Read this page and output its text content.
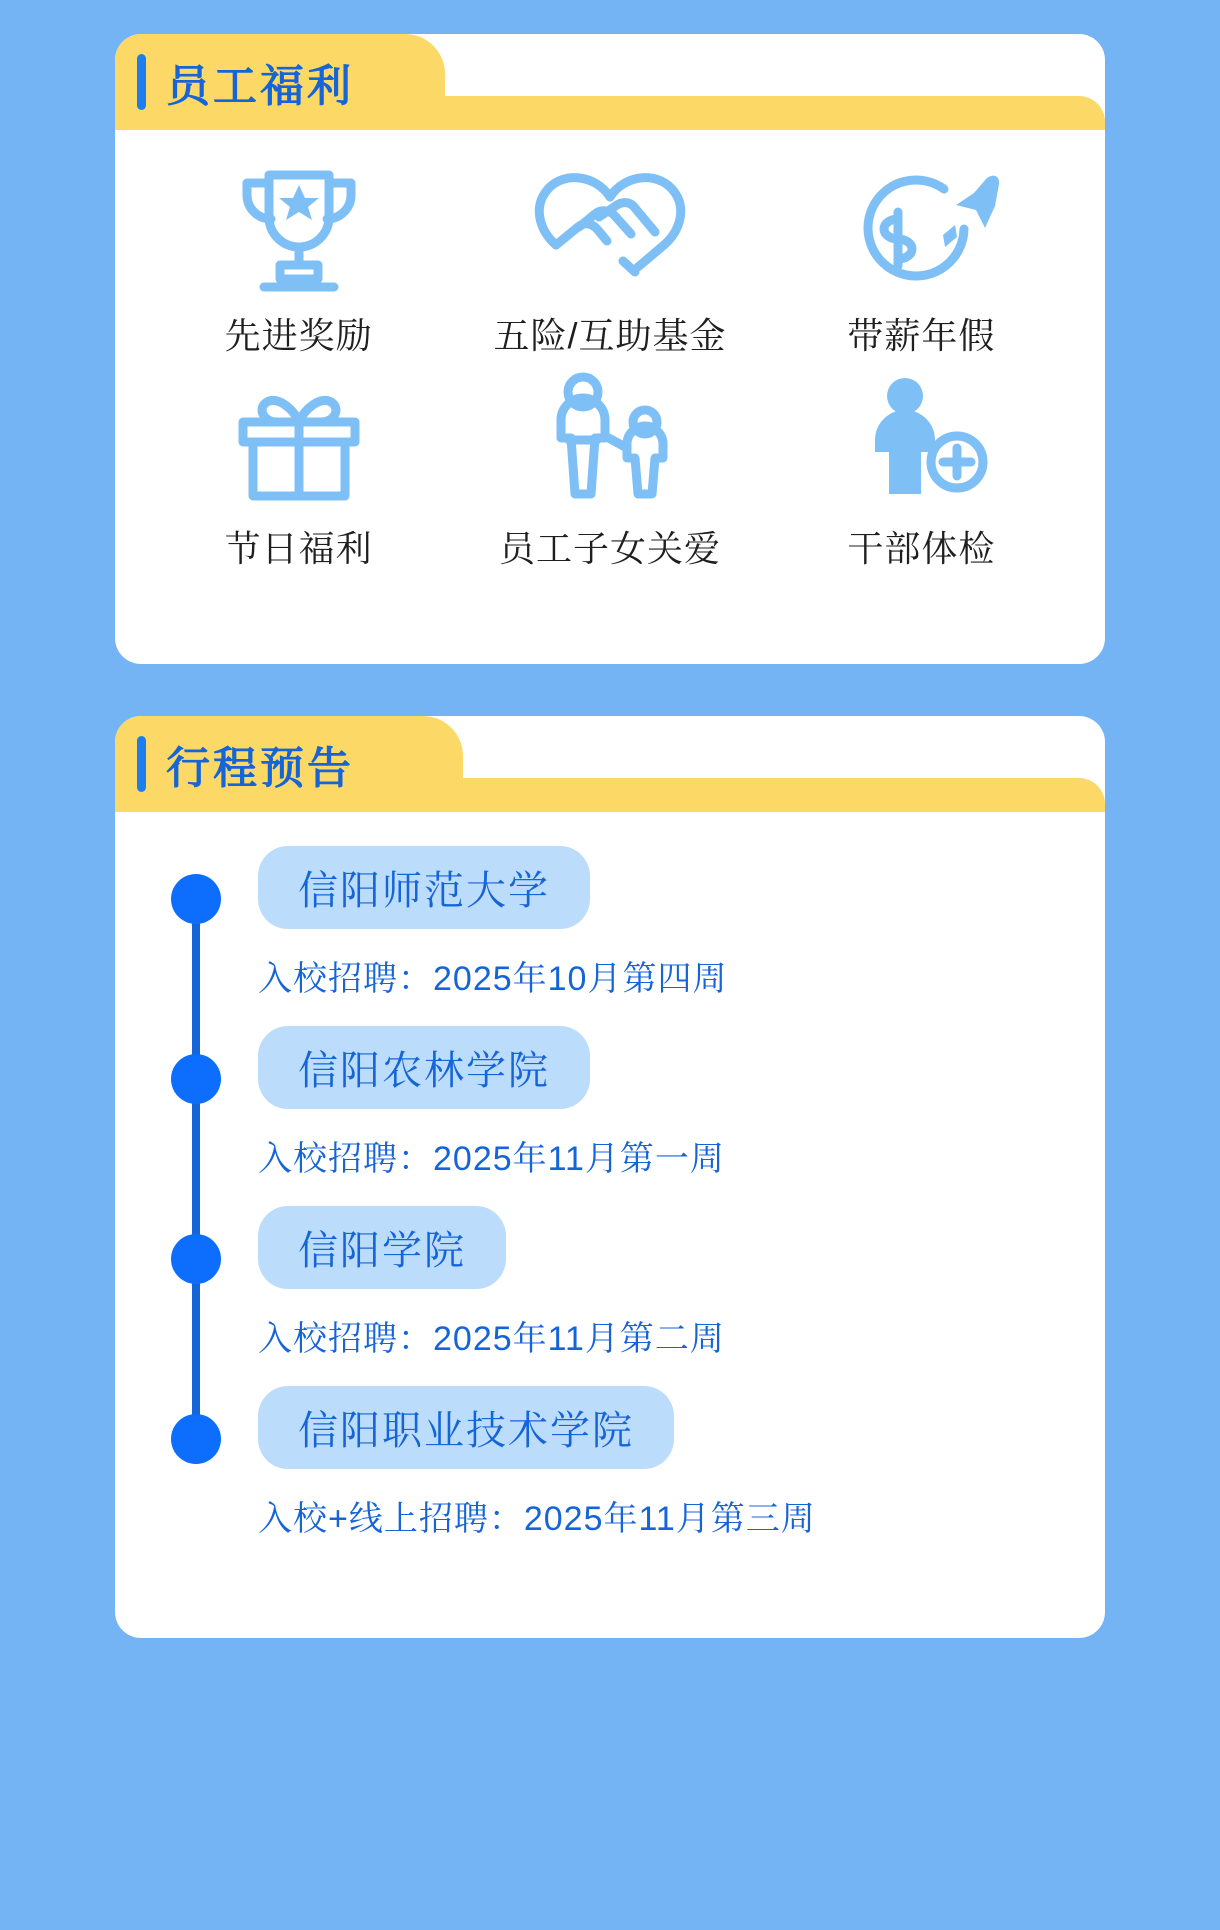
员工福利
先进奖励	五险/互助基金	带薪年假
节日福利	员工子女关爱	干部体检
行程预告
信阳师范大学
入校招聘：2025年10月第四周
信阳农林学院
入校招聘：2025年11月第一周
信阳学院
入校招聘：2025年11月第二周
信阳职业技术学院
入校+线上招聘：2025年11月第三周
